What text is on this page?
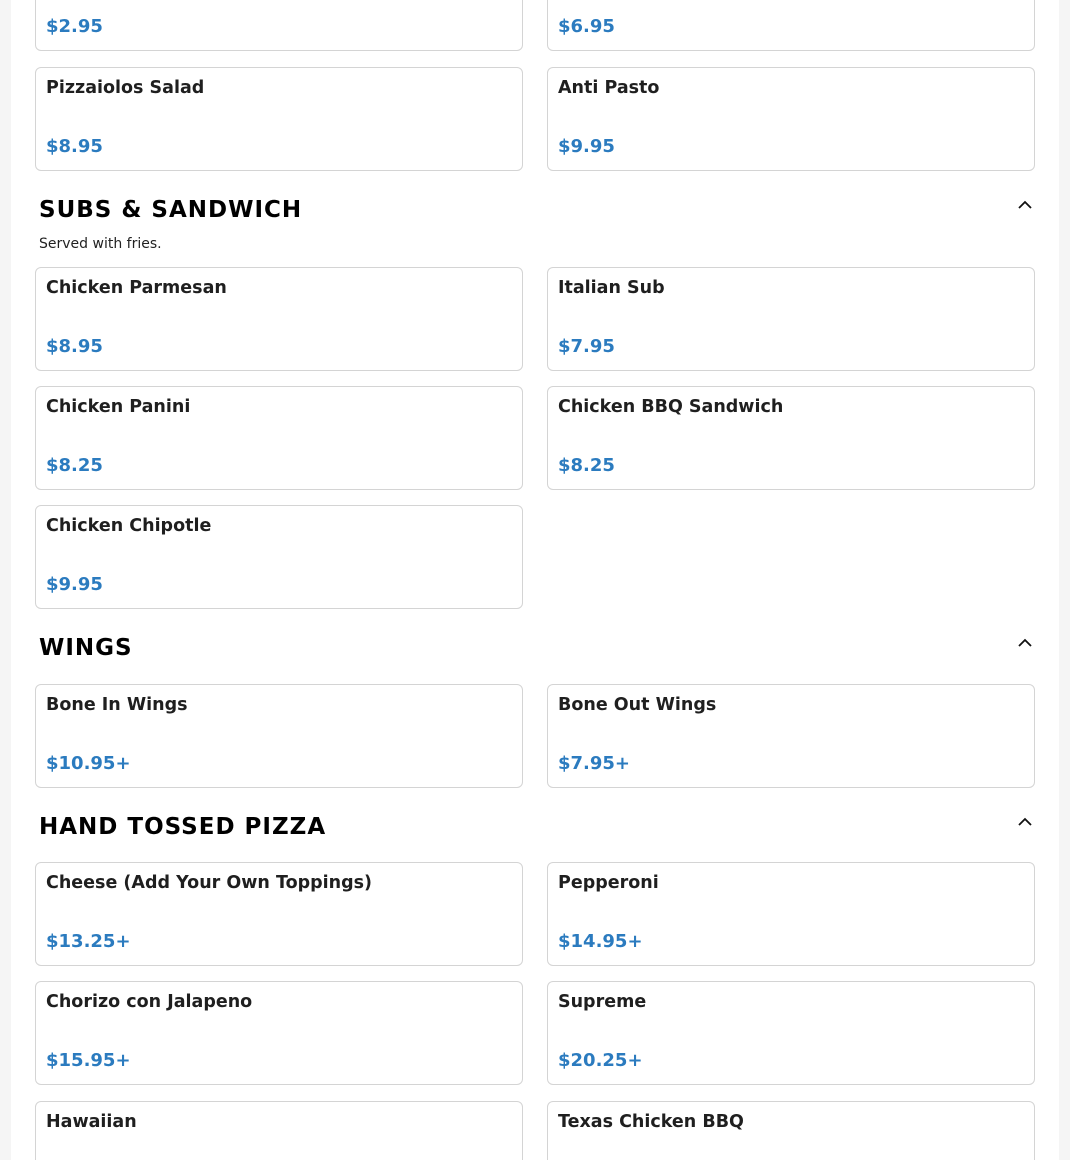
$2.95	$6.95
Pizzaiolos Salad
$8.95
Anti Pasto
$9.95
SUBS & SANDWICH
Served with fries.
Chicken Parmesan
$8.95
Italian Sub
$7.95
Chicken Panini
$8.25
Chicken BBQ Sandwich
$8.25
Chicken Chipotle
$9.95
WINGS
Bone In Wings
$10.95+
Bone Out Wings
$7.95+
HAND TOSSED PIZZA
Cheese (Add Your Own Toppings)
$13.25+
Pepperoni
$14.95+
Chorizo con Jalapeno
$15.95+
Supreme
$20.25+
Hawaiian	Texas Chicken BBQ
